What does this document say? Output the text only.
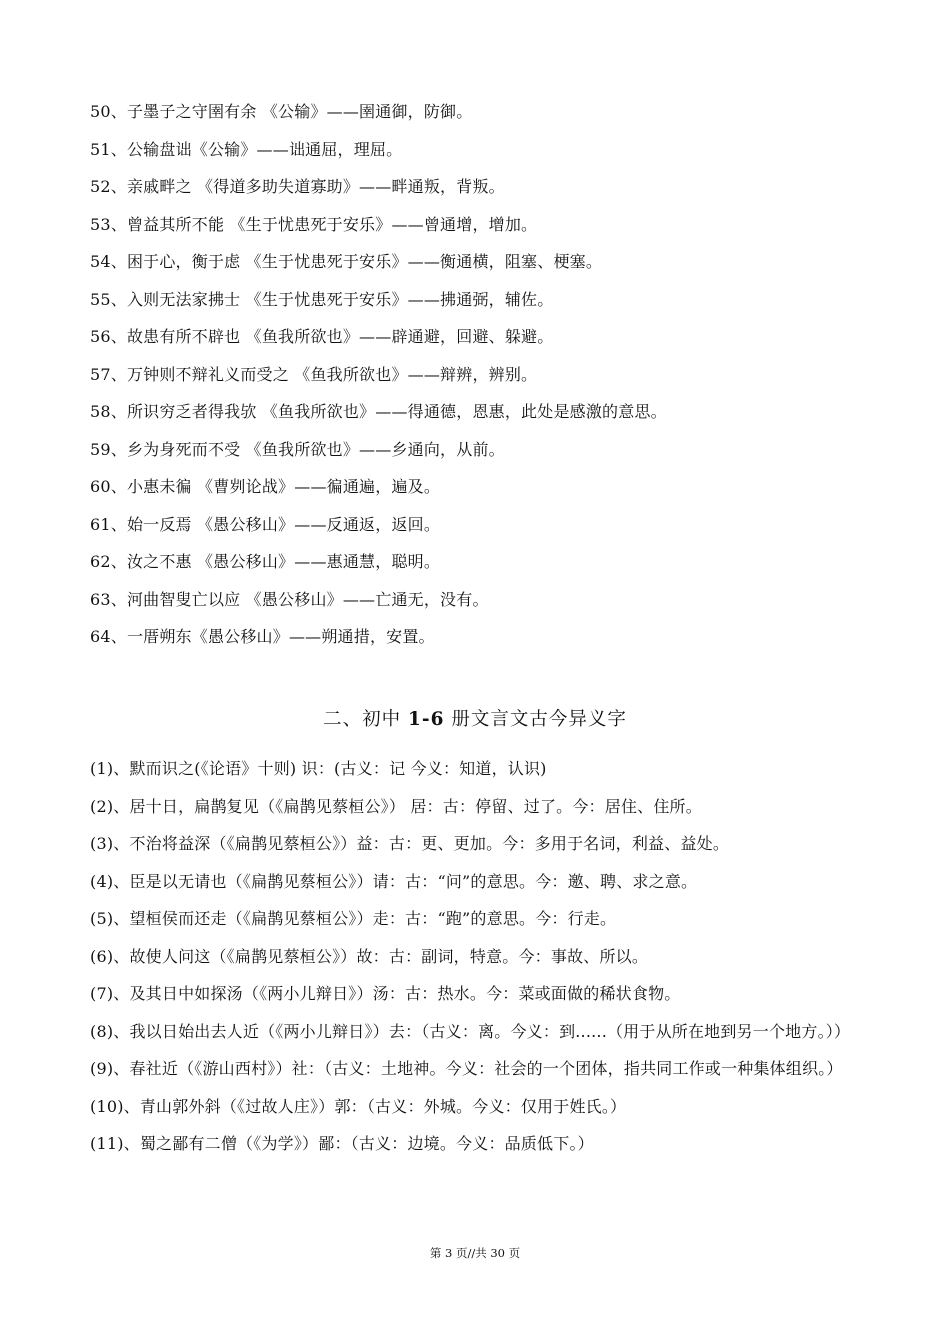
50、子墨子之守圉有余 《公输》——圉通御，防御。
51、公输盘诎《公输》——诎通屈，理屈。
52、亲戚畔之 《得道多助失道寡助》——畔通叛，背叛。
53、曾益其所不能 《生于忧患死于安乐》——曾通增，增加。
54、困于心，衡于虑 《生于忧患死于安乐》——衡通横，阻塞、梗塞。
55、入则无法家拂士 《生于忧患死于安乐》——拂通弼，辅佐。
56、故患有所不辟也 《鱼我所欲也》——辟通避，回避、躲避。
57、万钟则不辩礼义而受之 《鱼我所欲也》——辩辨，辨别。
58、所识穷乏者得我欤 《鱼我所欲也》——得通德，恩惠，此处是感激的意思。
59、乡为身死而不受 《鱼我所欲也》——乡通向，从前。
60、小惠未徧 《曹刿论战》——徧通遍，遍及。
61、始一反焉 《愚公移山》——反通返，返回。
62、汝之不惠 《愚公移山》——惠通慧，聪明。
63、河曲智叟亡以应 《愚公移山》——亡通无，没有。
64、一厝朔东《愚公移山》——朔通措，安置。
二、初中 1-6 册文言文古今异义字
(1)、默而识之(《论语》十则) 识：(古义：记 今义：知道，认识)
(2)、居十日，扁鹊复见（《扁鹊见蔡桓公》） 居：古：停留、过了。今：居住、住所。
(3)、不治将益深（《扁鹊见蔡桓公》）益：古：更、更加。今：多用于名词，利益、益处。
(4)、臣是以无请也（《扁鹊见蔡桓公》）请：古：“问”的意思。今：邀、聘、求之意。
(5)、望桓侯而还走（《扁鹊见蔡桓公》）走：古：“跑”的意思。今：行走。
(6)、故使人问这（《扁鹊见蔡桓公》）故：古：副词，特意。今：事故、所以。
(7)、及其日中如探汤（《两小儿辩日》）汤：古：热水。今：菜或面做的稀状食物。
(8)、我以日始出去人近（《两小儿辩日》）去：（古义：离。今义：到......（用于从所在地到另一个地方。））
(9)、春社近（《游山西村》）社：（古义：土地神。今义：社会的一个团体，指共同工作或一种集体组织。）
(10)、青山郭外斜（《过故人庄》）郭：（古义：外城。今义：仅用于姓氏。）
(11)、蜀之鄙有二僧（《为学》）鄙：（古义：边境。今义：品质低下。）
第 3 页//共 30 页
